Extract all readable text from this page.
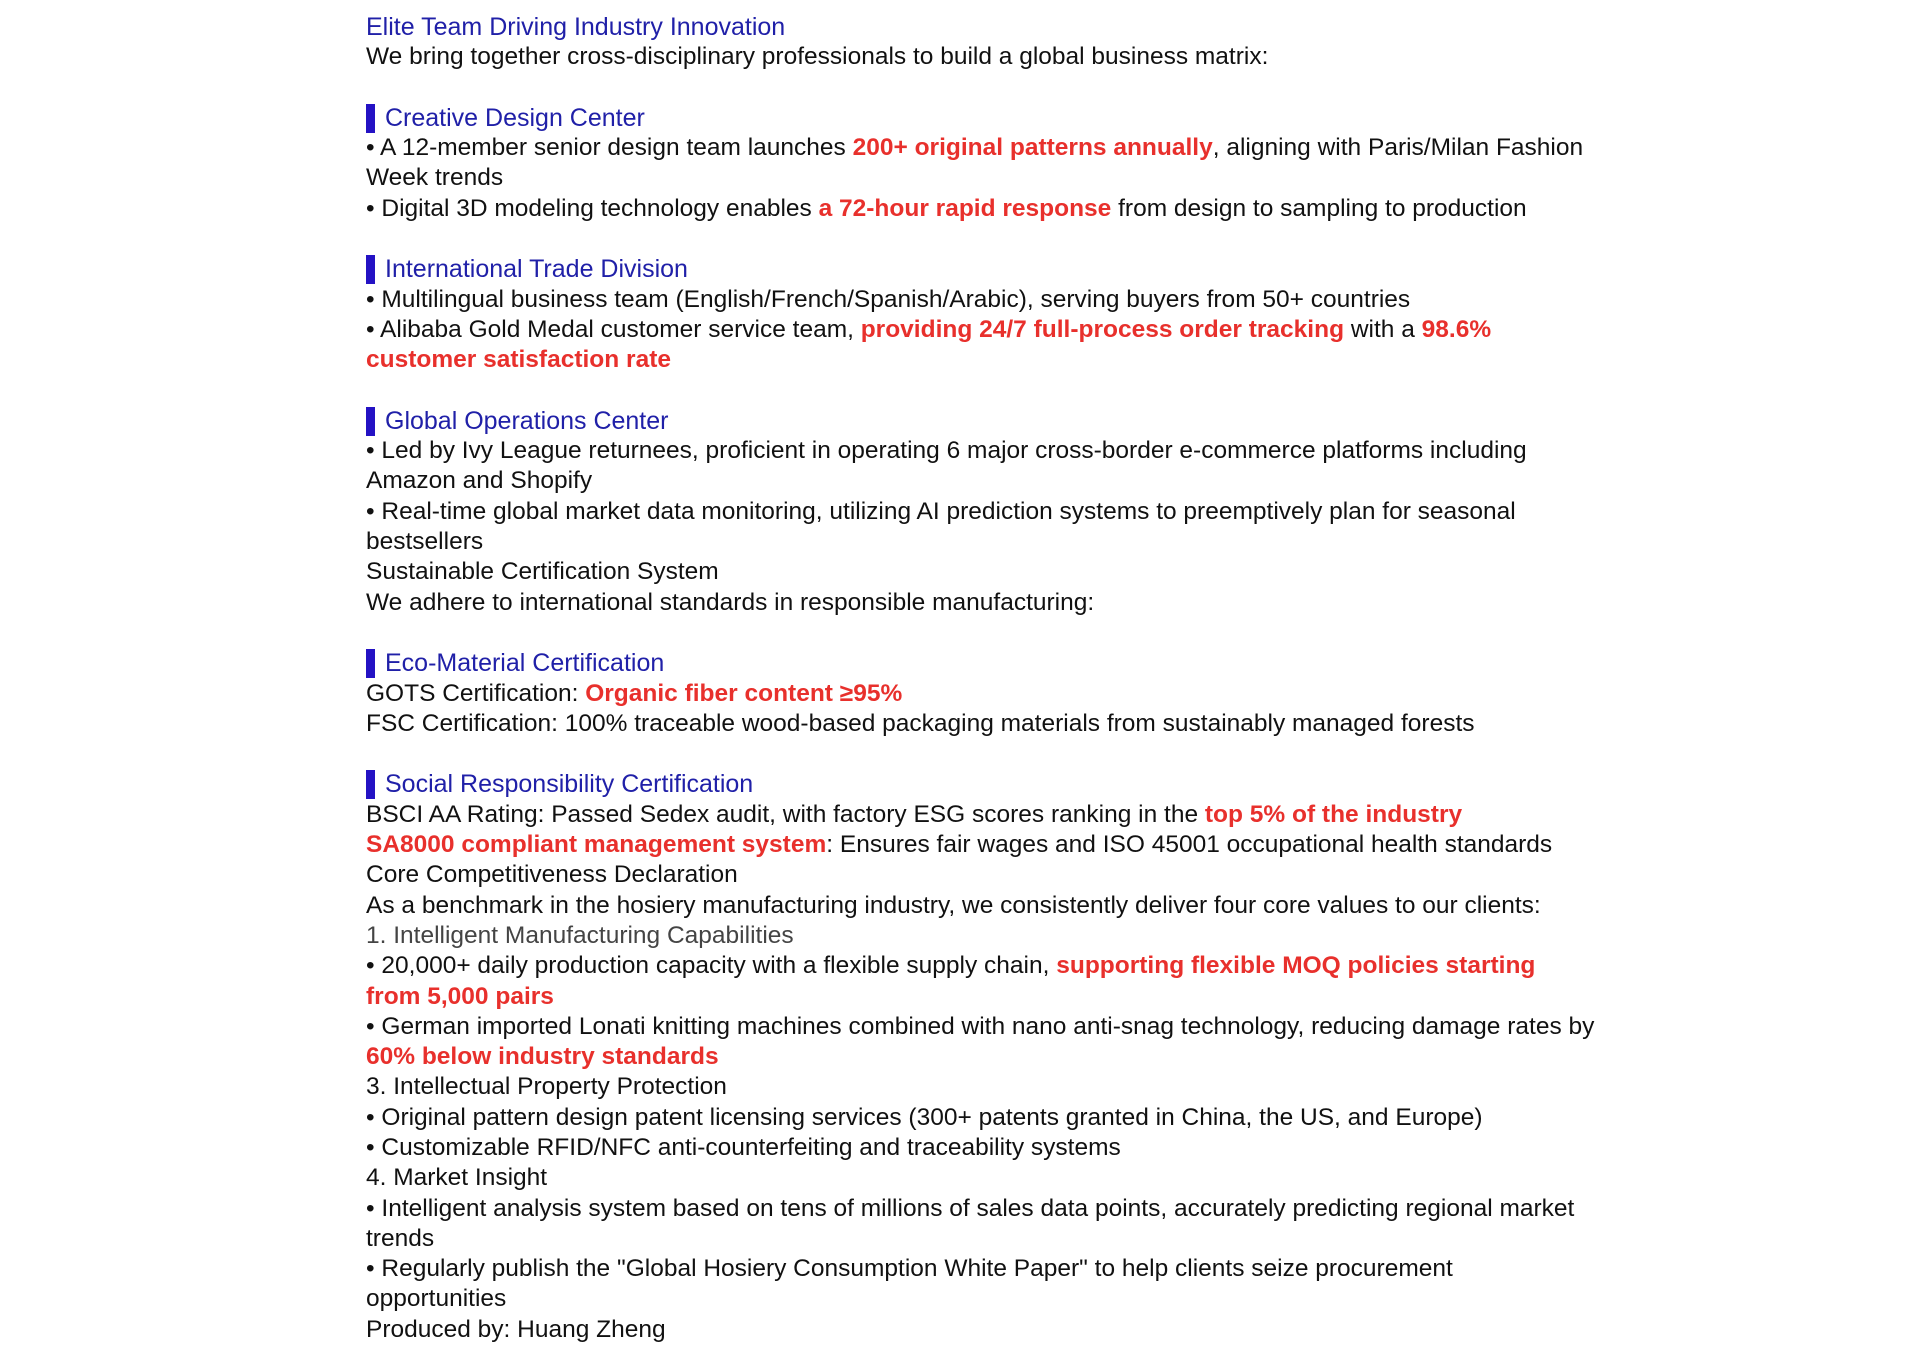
Elite Team Driving Industry Innovation
We bring together cross-disciplinary professionals to build a global business matrix:
Creative Design Center
• A 12-member senior design team launches 200+ original patterns annually, aligning with Paris/Milan Fashion Week trends
• Digital 3D modeling technology enables a 72-hour rapid response from design to sampling to production
International Trade Division
• Multilingual business team (English/French/Spanish/Arabic), serving buyers from 50+ countries
• Alibaba Gold Medal customer service team, providing 24/7 full-process order tracking with a 98.6% customer satisfaction rate
Global Operations Center
• Led by Ivy League returnees, proficient in operating 6 major cross-border e-commerce platforms including Amazon and Shopify
• Real-time global market data monitoring, utilizing AI prediction systems to preemptively plan for seasonal bestsellers
Sustainable Certification System
We adhere to international standards in responsible manufacturing:
Eco-Material Certification
GOTS Certification: Organic fiber content ≥95%
FSC Certification: 100% traceable wood-based packaging materials from sustainably managed forests
Social Responsibility Certification
BSCI AA Rating: Passed Sedex audit, with factory ESG scores ranking in the top 5% of the industry
SA8000 compliant management system: Ensures fair wages and ISO 45001 occupational health standards
Core Competitiveness Declaration
As a benchmark in the hosiery manufacturing industry, we consistently deliver four core values to our clients:
1. Intelligent Manufacturing Capabilities
• 20,000+ daily production capacity with a flexible supply chain, supporting flexible MOQ policies starting from 5,000 pairs
• German imported Lonati knitting machines combined with nano anti-snag technology, reducing damage rates by 60% below industry standards
3. Intellectual Property Protection
• Original pattern design patent licensing services (300+ patents granted in China, the US, and Europe)
• Customizable RFID/NFC anti-counterfeiting and traceability systems
4. Market Insight
• Intelligent analysis system based on tens of millions of sales data points, accurately predicting regional market trends
• Regularly publish the "Global Hosiery Consumption White Paper" to help clients seize procurement opportunities
Produced by: Huang Zheng
